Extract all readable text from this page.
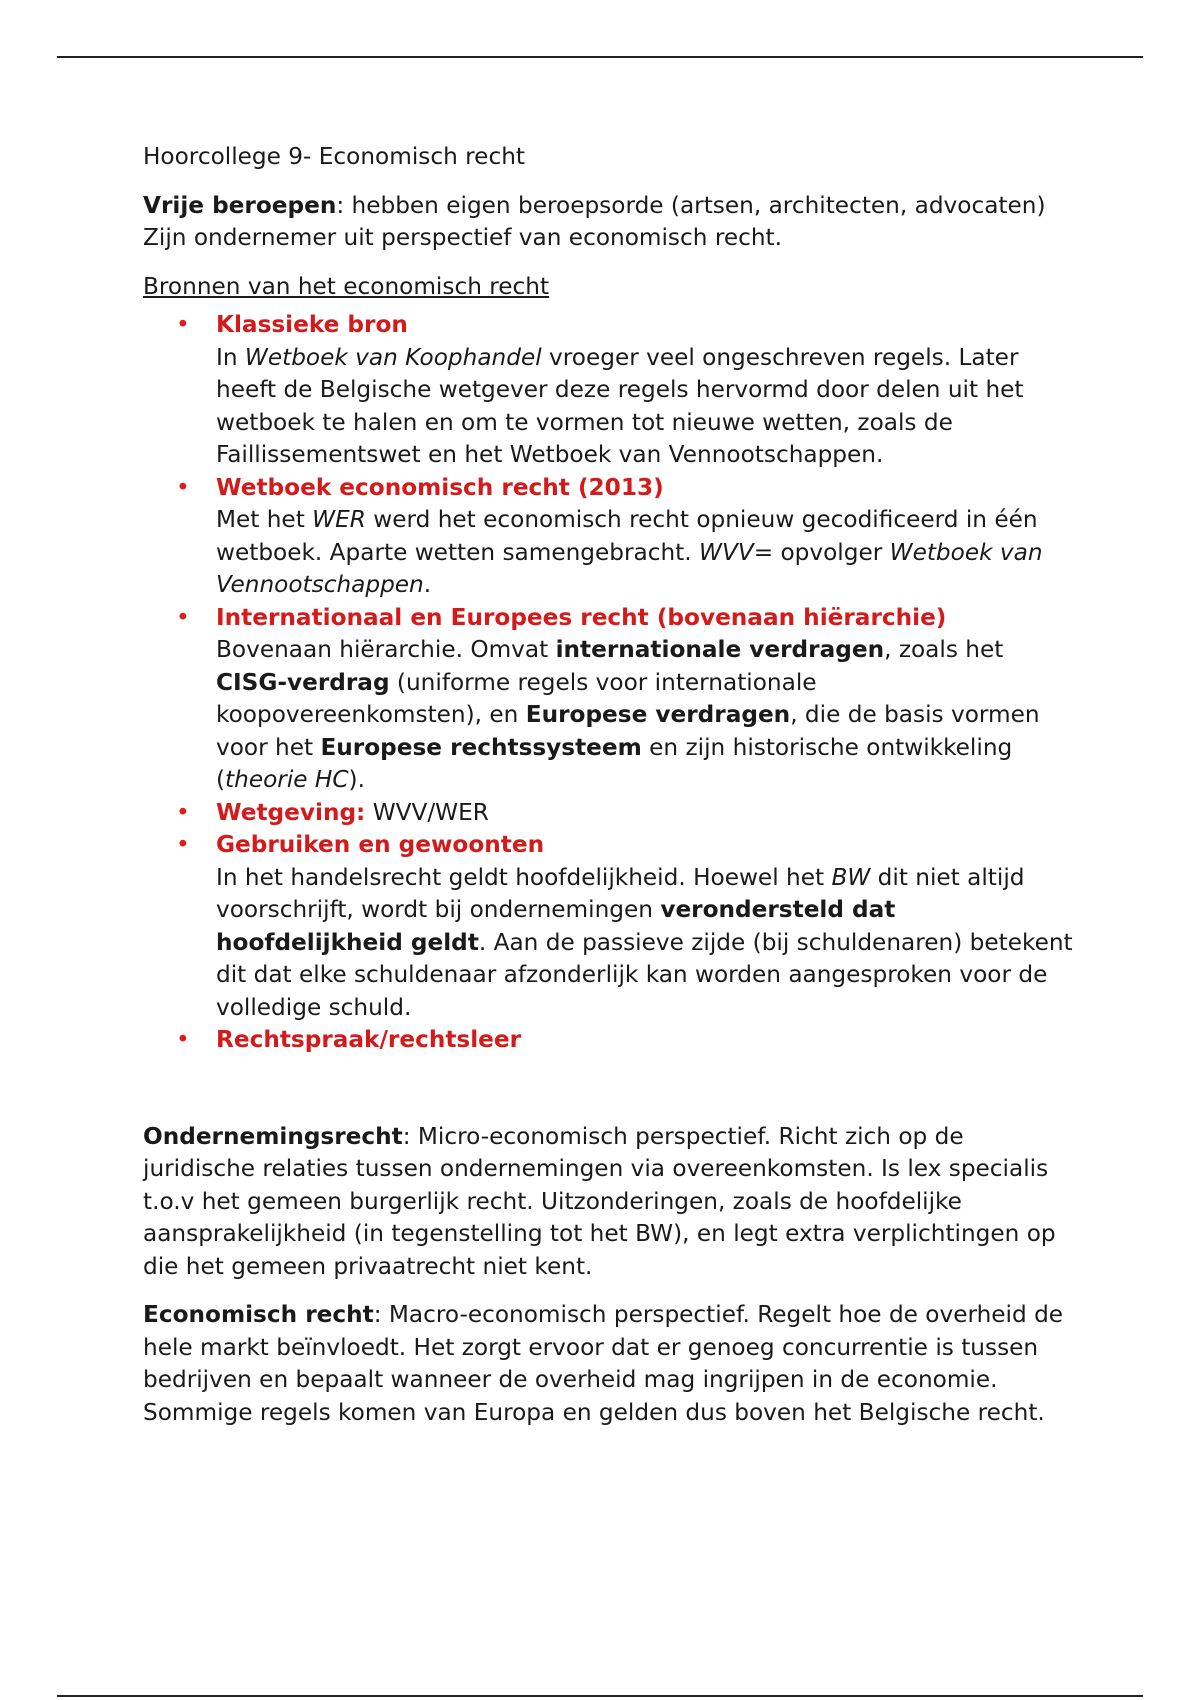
Hoorcollege 9- Economisch recht

Vrije beroepen: hebben eigen beroepsorde (artsen, architecten, advocaten) Zijn ondernemer uit perspectief van economisch recht.

Bronnen van het economisch recht

• Klassieke bron
In Wetboek van Koophandel vroeger veel ongeschreven regels. Later heeft de Belgische wetgever deze regels hervormd door delen uit het wetboek te halen en om te vormen tot nieuwe wetten, zoals de Faillissementswet en het Wetboek van Vennootschappen.
• Wetboek economisch recht (2013)
Met het WER werd het economisch recht opnieuw gecodificeerd in één wetboek. Aparte wetten samengebracht. WVV= opvolger Wetboek van Vennootschappen.
• Internationaal en Europees recht (bovenaan hiërarchie)
Bovenaan hiërarchie. Omvat internationale verdragen, zoals het CISG-verdrag (uniforme regels voor internationale koopovereenkomsten), en Europese verdragen, die de basis vormen voor het Europese rechtssysteem en zijn historische ontwikkeling (theorie HC).
• Wetgeving: WVV/WER
• Gebruiken en gewoonten
In het handelsrecht geldt hoofdelijkheid. Hoewel het BW dit niet altijd voorschrijft, wordt bij ondernemingen verondersteld dat hoofdelijkheid geldt. Aan de passieve zijde (bij schuldenaren) betekent dit dat elke schuldenaar afzonderlijk kan worden aangesproken voor de volledige schuld.
• Rechtspraak/rechtsleer

Ondernemingsrecht: Micro-economisch perspectief. Richt zich op de juridische relaties tussen ondernemingen via overeenkomsten. Is lex specialis t.o.v het gemeen burgerlijk recht. Uitzonderingen, zoals de hoofdelijke aansprakelijkheid (in tegenstelling tot het BW), en legt extra verplichtingen op die het gemeen privaatrecht niet kent.

Economisch recht: Macro-economisch perspectief. Regelt hoe de overheid de hele markt beïnvloedt. Het zorgt ervoor dat er genoeg concurrentie is tussen bedrijven en bepaalt wanneer de overheid mag ingrijpen in de economie. Sommige regels komen van Europa en gelden dus boven het Belgische recht.
